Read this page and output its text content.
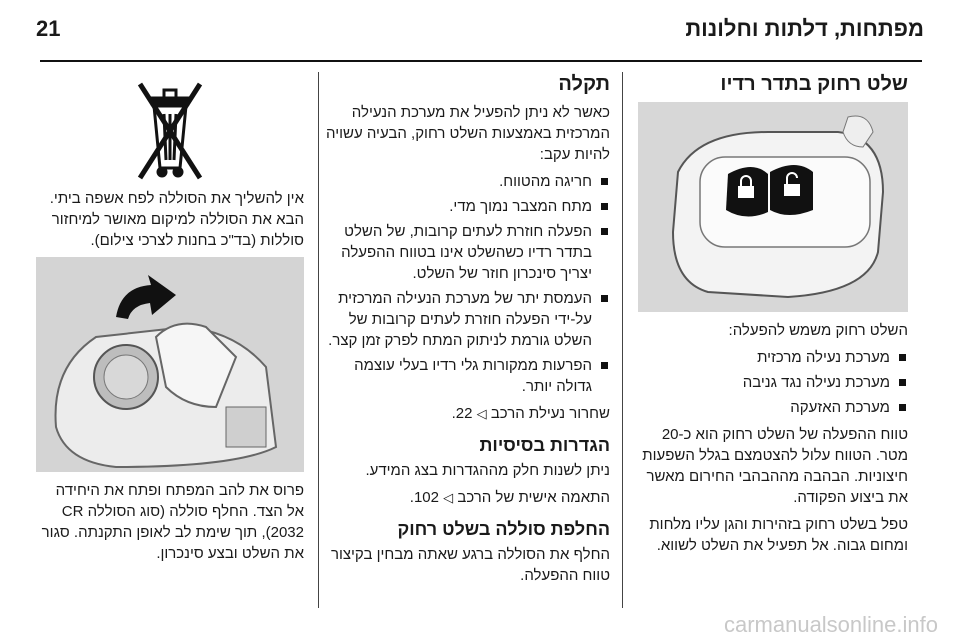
21	מפתחות, דלתות וחלונות
שלט רחוק בתדר רדיו

השלט רחוק משמש להפעלה:

מערכת נעילה מרכזית
מערכת נעילה נגד גניבה
מערכת האזעקה

טווח ההפעלה של השלט רחוק הוא כ-20 מטר. הטווח עלול להצטמצם בגלל השפעות חיצוניות. הבהבה מההבהבי החירום מאשר את ביצוע הפקודה.

טפל בשלט רחוק בזהירות והגן עליו מלחות ומחום גבוה. אל תפעיל את השלט לשווא.

תקלה

כאשר לא ניתן להפעיל את מערכת הנעילה המרכזית באמצעות השלט רחוק, הבעיה עשויה להיות עקב:

חריגה מהטווח.
מתח המצבר נמוך מדי.
הפעלה חוזרת לעתים קרובות, של השלט בתדר רדיו כשהשלט אינו בטווח ההפעלה יצריך סינכרון חוזר של השלט.
העמסת יתר של מערכת הנעילה המרכזית על-ידי הפעלה חוזרת לעתים קרובות של השלט גורמת לניתוק המתח לפרק זמן קצר.
הפרעות ממקורות גלי רדיו בעלי עוצמה גדולה יותר.

שחרור נעילת הרכב ◁ 22.

הגדרות בסיסיות

ניתן לשנות חלק מההגדרות בצג המידע.

התאמה אישית של הרכב ◁ 102.

החלפת סוללה בשלט רחוק

החלף את הסוללה ברגע שאתה מבחין בקיצור טווח ההפעלה.

אין להשליך את הסוללה לפח אשפה ביתי. הבא את הסוללה למיקום מאושר למיחזור סוללות (בד"כ בחנות לצרכי צילום).

פרוס את להב המפתח ופתח את היחידה אל הצד. החלף סוללה (סוג הסוללה CR 2032), תוך שימת לב לאופן התקנתה. סגור את השלט ובצע סינכרון.

carmanualsonline.info
